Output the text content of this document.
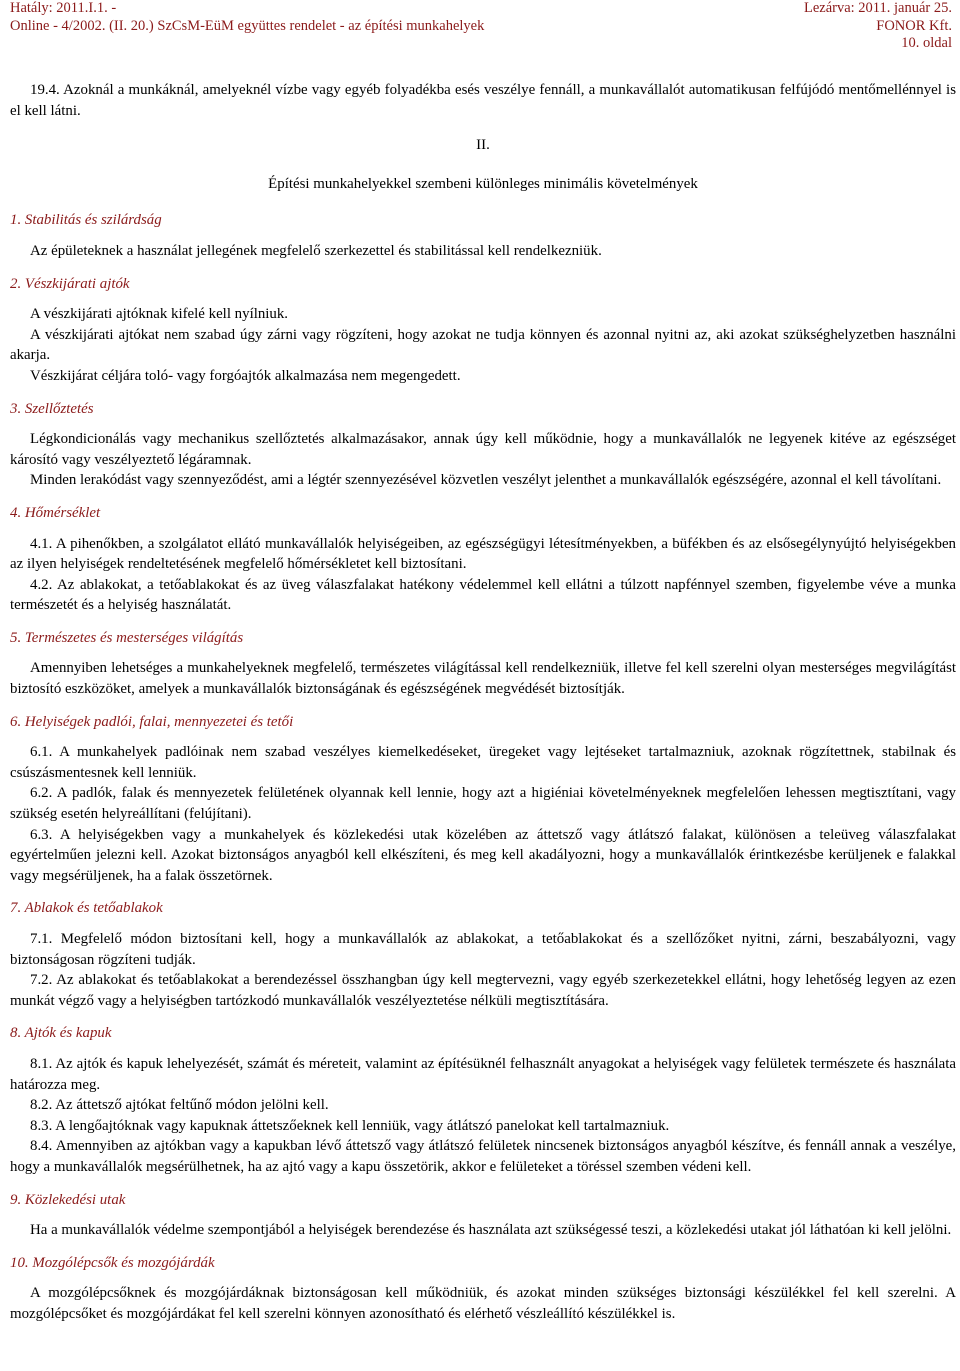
Hatály: 2011.I.1. -
Online - 4/2002. (II. 20.) SzCsM-EüM együttes rendelet - az építési munkahelyek
Lezárva: 2011. január 25.
FONOR Kft.
10. oldal

19.4. Azoknál a munkáknál, amelyeknél vízbe vagy egyéb folyadékba esés veszélye fennáll, a munkavállalót automatikusan felfújódó mentőmellénnyel is el kell látni.

II.

Építési munkahelyekkel szembeni különleges minimális követelmények

1. Stabilitás és szilárdság

Az épületeknek a használat jellegének megfelelő szerkezettel és stabilitással kell rendelkezniük.

2. Vészkijárati ajtók

A vészkijárati ajtóknak kifelé kell nyílniuk.

A vészkijárati ajtókat nem szabad úgy zárni vagy rögzíteni, hogy azokat ne tudja könnyen és azonnal nyitni az, aki azokat szükséghelyzetben használni akarja.

Vészkijárat céljára toló- vagy forgóajtók alkalmazása nem megengedett.

3. Szellőztetés

Légkondicionálás vagy mechanikus szellőztetés alkalmazásakor, annak úgy kell működnie, hogy a munkavállalók ne legyenek kitéve az egészséget károsító vagy veszélyeztető légáramnak.

Minden lerakódást vagy szennyeződést, ami a légtér szennyezésével közvetlen veszélyt jelenthet a munkavállalók egészségére, azonnal el kell távolítani.

4. Hőmérséklet

4.1. A pihenőkben, a szolgálatot ellátó munkavállalók helyiségeiben, az egészségügyi létesítményekben, a büfékben és az elsősegélynyújtó helyiségekben az ilyen helyiségek rendeltetésének megfelelő hőmérsékletet kell biztosítani.

4.2. Az ablakokat, a tetőablakokat és az üveg válaszfalakat hatékony védelemmel kell ellátni a túlzott napfénnyel szemben, figyelembe véve a munka természetét és a helyiség használatát.

5. Természetes és mesterséges világítás

Amennyiben lehetséges a munkahelyeknek megfelelő, természetes világítással kell rendelkezniük, illetve fel kell szerelni olyan mesterséges megvilágítást biztosító eszközöket, amelyek a munkavállalók biztonságának és egészségének megvédését biztosítják.

6. Helyiségek padlói, falai, mennyezetei és tetői

6.1. A munkahelyek padlóinak nem szabad veszélyes kiemelkedéseket, üregeket vagy lejtéseket tartalmazniuk, azoknak rögzítettnek, stabilnak és csúszásmentesnek kell lenniük.

6.2. A padlók, falak és mennyezetek felületének olyannak kell lennie, hogy azt a higiéniai követelményeknek megfelelően lehessen megtisztítani, vagy szükség esetén helyreállítani (felújítani).

6.3. A helyiségekben vagy a munkahelyek és közlekedési utak közelében az áttetsző vagy átlátszó falakat, különösen a teleüveg válaszfalakat egyértelműen jelezni kell. Azokat biztonságos anyagból kell elkészíteni, és meg kell akadályozni, hogy a munkavállalók érintkezésbe kerüljenek e falakkal vagy megsérüljenek, ha a falak összetörnek.

7. Ablakok és tetőablakok

7.1. Megfelelő módon biztosítani kell, hogy a munkavállalók az ablakokat, a tetőablakokat és a szellőzőket nyitni, zárni, beszabályozni, vagy biztonságosan rögzíteni tudják.

7.2. Az ablakokat és tetőablakokat a berendezéssel összhangban úgy kell megtervezni, vagy egyéb szerkezetekkel ellátni, hogy lehetőség legyen az ezen munkát végző vagy a helyiségben tartózkodó munkavállalók veszélyeztetése nélküli megtisztítására.

8. Ajtók és kapuk

8.1. Az ajtók és kapuk lehelyezését, számát és méreteit, valamint az építésüknél felhasznált anyagokat a helyiségek vagy felületek természete és használata határozza meg.

8.2. Az áttetsző ajtókat feltűnő módon jelölni kell.

8.3. A lengőajtóknak vagy kapuknak áttetszőeknek kell lenniük, vagy átlátszó panelokat kell tartalmazniuk.

8.4. Amennyiben az ajtókban vagy a kapukban lévő áttetsző vagy átlátszó felületek nincsenek biztonságos anyagból készítve, és fennáll annak a veszélye, hogy a munkavállalók megsérülhetnek, ha az ajtó vagy a kapu összetörik, akkor e felületeket a töréssel szemben védeni kell.

9. Közlekedési utak

Ha a munkavállalók védelme szempontjából a helyiségek berendezése és használata azt szükségessé teszi, a közlekedési utakat jól láthatóan ki kell jelölni.

10. Mozgólépcsők és mozgójárdák

A mozgólépcsőknek és mozgójárdáknak biztonságosan kell működniük, és azokat minden szükséges biztonsági készülékkel fel kell szerelni. A mozgólépcsőket és mozgójárdákat fel kell szerelni könnyen azonosítható és elérhető vészleállító készülékkel is.
